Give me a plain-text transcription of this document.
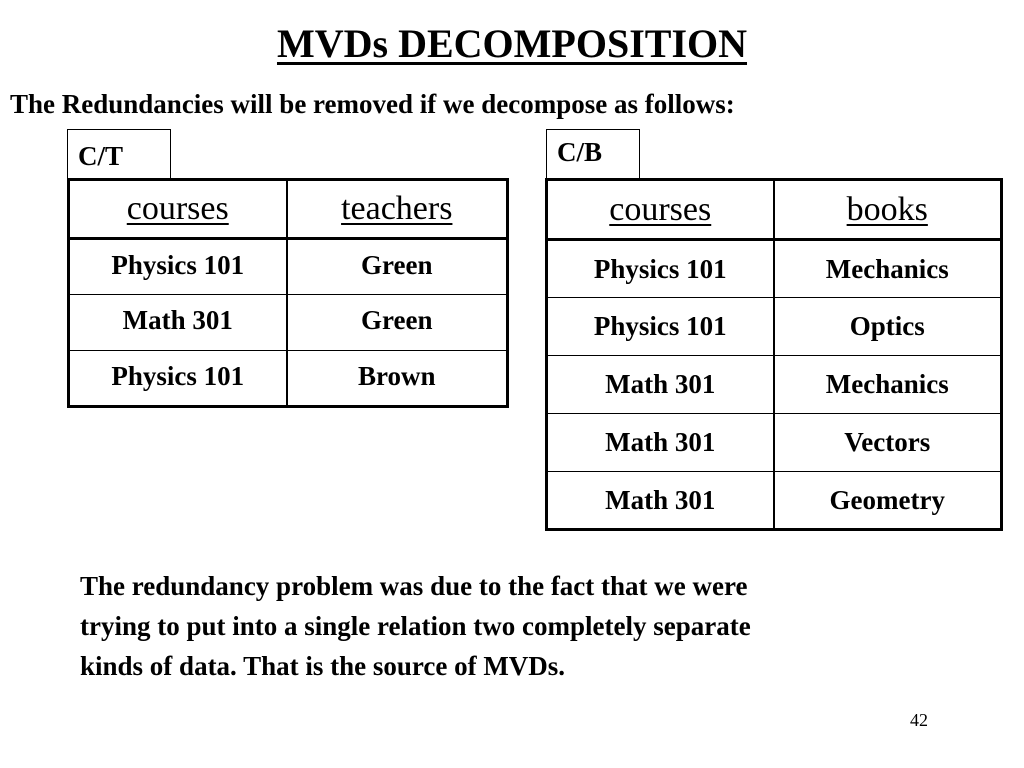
MVDs DECOMPOSITION
The Redundancies will be removed if we decompose as follows:
C/T
courses	teachers
Physics 101	Green
Math 301	Green
Physics 101	Brown
C/B
courses	books
Physics 101	Mechanics
Physics 101	Optics
Math 301	Mechanics
Math 301	Vectors
Math 301	Geometry
The redundancy problem was due to the fact that we were
trying to put into a single relation two completely separate
kinds of data. That is the source of MVDs.
42
